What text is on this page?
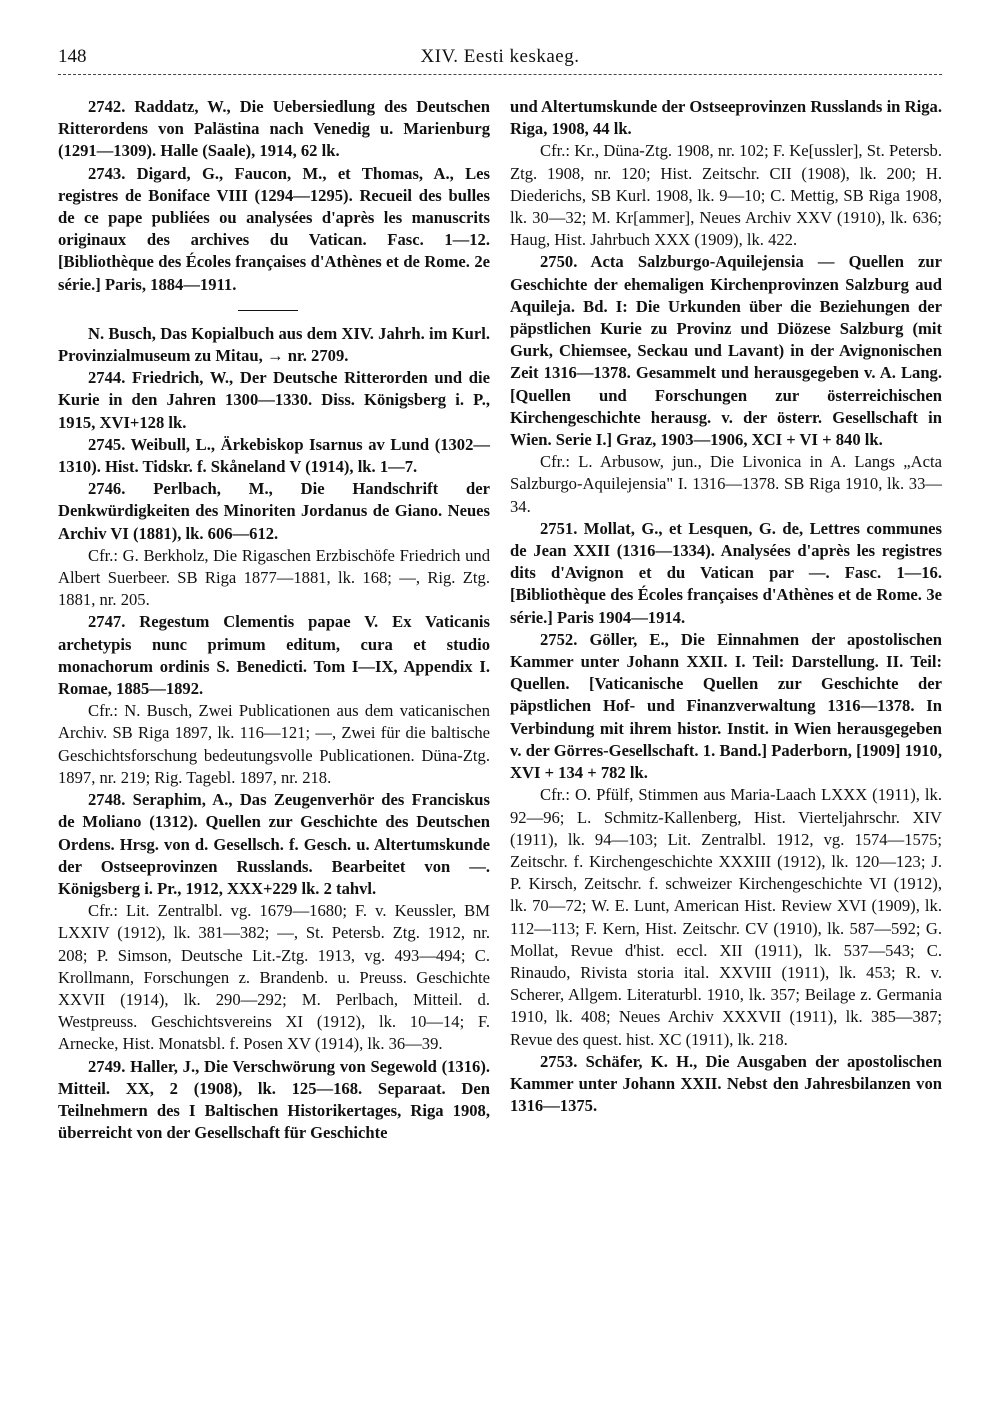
148	XIV. Eesti keskaeg.

2742. Raddatz, W., Die Uebersiedlung des Deutschen Ritterordens von Palästina nach Venedig u. Marienburg (1291—1309). Halle (Saale), 1914, 62 lk.

2743. Digard, G., Faucon, M., et Thomas, A., Les registres de Boniface VIII (1294—1295). Recueil des bulles de ce pape publiées ou analysées d'après les manuscrits originaux des archives du Vatican. Fasc. 1—12. [Bibliothèque des Écoles françaises d'Athènes et de Rome. 2e série.] Paris, 1884—1911.

N. Busch, Das Kopialbuch aus dem XIV. Jahrh. im Kurl. Provinzialmuseum zu Mitau, → nr. 2709.

2744. Friedrich, W., Der Deutsche Ritterorden und die Kurie in den Jahren 1300—1330. Diss. Königsberg i. P., 1915, XVI+128 lk.

2745. Weibull, L., Ärkebiskop Isarnus av Lund (1302—1310). Hist. Tidskr. f. Skåneland V (1914), lk. 1—7.

2746. Perlbach, M., Die Handschrift der Denkwürdigkeiten des Minoriten Jordanus de Giano. Neues Archiv VI (1881), lk. 606—612.

Cfr.: G. Berkholz, Die Rigaschen Erzbischöfe Friedrich und Albert Suerbeer. SB Riga 1877—1881, lk. 168; —, Rig. Ztg. 1881, nr. 205.

2747. Regestum Clementis papae V. Ex Vaticanis archetypis nunc primum editum, cura et studio monachorum ordinis S. Benedicti. Tom I—IX, Appendix I. Romae, 1885—1892.

Cfr.: N. Busch, Zwei Publicationen aus dem vaticanischen Archiv. SB Riga 1897, lk. 116—121; —, Zwei für die baltische Geschichtsforschung bedeutungsvolle Publicationen. Düna-Ztg. 1897, nr. 219; Rig. Tagebl. 1897, nr. 218.

2748. Seraphim, A., Das Zeugenverhör des Franciskus de Moliano (1312). Quellen zur Geschichte des Deutschen Ordens. Hrsg. von d. Gesellsch. f. Gesch. u. Altertumskunde der Ostseeprovinzen Russlands. Bearbeitet von —. Königsberg i. Pr., 1912, XXX+229 lk. 2 tahvl.

Cfr.: Lit. Zentralbl. vg. 1679—1680; F. v. Keussler, BM LXXIV (1912), lk. 381—382; —, St. Petersb. Ztg. 1912, nr. 208; P. Simson, Deutsche Lit.-Ztg. 1913, vg. 493—494; C. Krollmann, Forschungen z. Brandenb. u. Preuss. Geschichte XXVII (1914), lk. 290—292; M. Perlbach, Mitteil. d. Westpreuss. Geschichtsvereins XI (1912), lk. 10—14; F. Arnecke, Hist. Monatsbl. f. Posen XV (1914), lk. 36—39.

2749. Haller, J., Die Verschwörung von Segewold (1316). Mitteil. XX, 2 (1908), lk. 125—168. Separaat. Den Teilnehmern des I Baltischen Historikertages, Riga 1908, überreicht von der Gesellschaft für Geschichte

und Altertumskunde der Ostseeprovinzen Russlands in Riga. Riga, 1908, 44 lk.

Cfr.: Kr., Düna-Ztg. 1908, nr. 102; F. Ke[ussler], St. Petersb. Ztg. 1908, nr. 120; Hist. Zeitschr. CII (1908), lk. 200; H. Diederichs, SB Kurl. 1908, lk. 9—10; C. Mettig, SB Riga 1908, lk. 30—32; M. Kr[ammer], Neues Archiv XXV (1910), lk. 636; Haug, Hist. Jahrbuch XXX (1909), lk. 422.

2750. Acta Salzburgo-Aquilejensia — Quellen zur Geschichte der ehemaligen Kirchenprovinzen Salzburg aud Aquileja. Bd. I: Die Urkunden über die Beziehungen der päpstlichen Kurie zu Provinz und Diözese Salzburg (mit Gurk, Chiemsee, Seckau und Lavant) in der Avignonischen Zeit 1316—1378. Gesammelt und herausgegeben v. A. Lang. [Quellen und Forschungen zur österreichischen Kirchengeschichte herausg. v. der österr. Gesellschaft in Wien. Serie I.] Graz, 1903—1906, XCI + VI + 840 lk.

Cfr.: L. Arbusow, jun., Die Livonica in A. Langs „Acta Salzburgo-Aquilejensia" I. 1316—1378. SB Riga 1910, lk. 33—34.

2751. Mollat, G., et Lesquen, G. de, Lettres communes de Jean XXII (1316—1334). Analysées d'après les registres dits d'Avignon et du Vatican par —. Fasc. 1—16. [Bibliothèque des Écoles françaises d'Athènes et de Rome. 3e série.] Paris 1904—1914.

2752. Göller, E., Die Einnahmen der apostolischen Kammer unter Johann XXII. I. Teil: Darstellung. II. Teil: Quellen. [Vaticanische Quellen zur Geschichte der päpstlichen Hof- und Finanzverwaltung 1316—1378. In Verbindung mit ihrem histor. Instit. in Wien herausgegeben v. der Görres-Gesellschaft. 1. Band.] Paderborn, [1909] 1910, XVI + 134 + 782 lk.

Cfr.: O. Pfülf, Stimmen aus Maria-Laach LXXX (1911), lk. 92—96; L. Schmitz-Kallenberg, Hist. Vierteljahrschr. XIV (1911), lk. 94—103; Lit. Zentralbl. 1912, vg. 1574—1575; Zeitschr. f. Kirchengeschichte XXXIII (1912), lk. 120—123; J. P. Kirsch, Zeitschr. f. schweizer Kirchengeschichte VI (1912), lk. 70—72; W. E. Lunt, American Hist. Review XVI (1909), lk. 112—113; F. Kern, Hist. Zeitschr. CV (1910), lk. 587—592; G. Mollat, Revue d'hist. eccl. XII (1911), lk. 537—543; C. Rinaudo, Rivista storia ital. XXVIII (1911), lk. 453; R. v. Scherer, Allgem. Literaturbl. 1910, lk. 357; Beilage z. Germania 1910, lk. 408; Neues Archiv XXXVII (1911), lk. 385—387; Revue des quest. hist. XC (1911), lk. 218.

2753. Schäfer, K. H., Die Ausgaben der apostolischen Kammer unter Johann XXII. Nebst den Jahresbilanzen von 1316—1375.
